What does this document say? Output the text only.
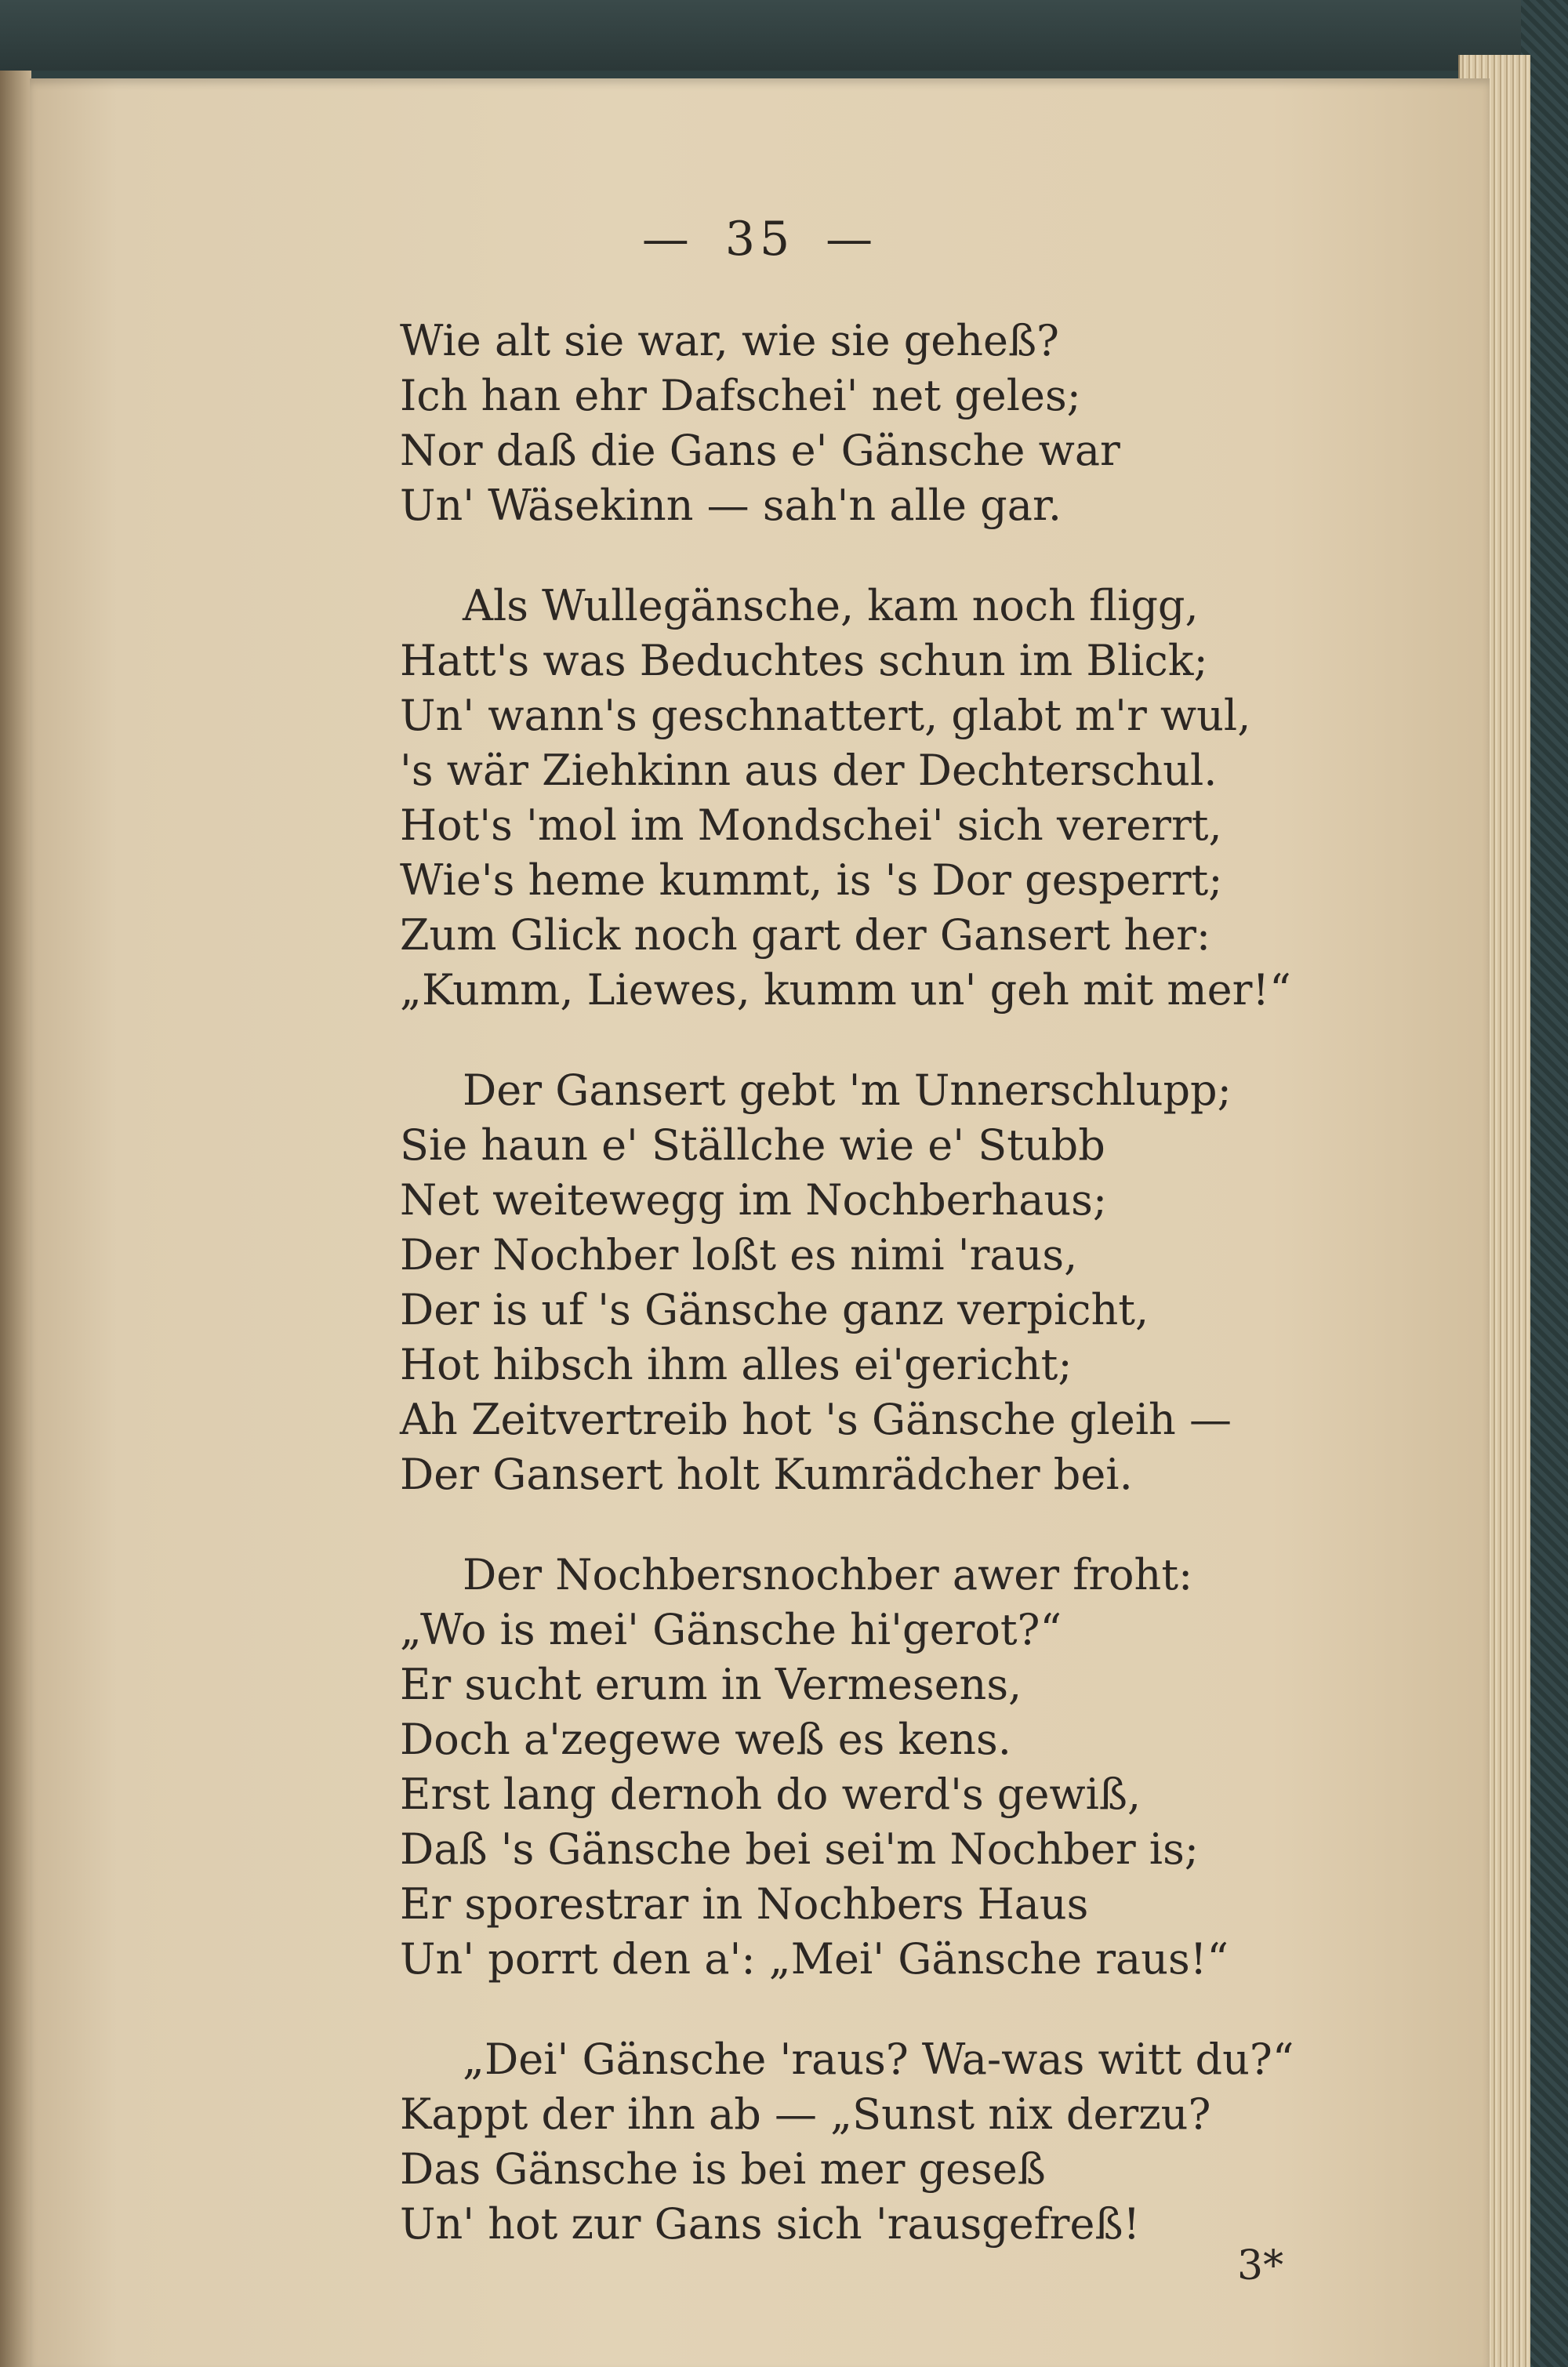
— 35 —
Wie alt sie war, wie sie geheß?
Ich han ehr Dafschei' net geles;
Nor daß die Gans e' Gänsche war
Un' Wäsekinn — sah'n alle gar.
Als Wullegänsche, kam noch fligg,
Hatt's was Beduchtes schun im Blick;
Un' wann's geschnattert, glabt m'r wul,
's wär Ziehkinn aus der Dechterschul.
Hot's 'mol im Mondschei' sich vererrt,
Wie's heme kummt, is 's Dor gesperrt;
Zum Glick noch gart der Gansert her:
„Kumm, Liewes, kumm un' geh mit mer!“
Der Gansert gebt 'm Unnerschlupp;
Sie haun e' Ställche wie e' Stubb
Net weitewegg im Nochberhaus;
Der Nochber loßt es nimi 'raus,
Der is uf 's Gänsche ganz verpicht,
Hot hibsch ihm alles ei'gericht;
Ah Zeitvertreib hot 's Gänsche gleih —
Der Gansert holt Kumrädcher bei.
Der Nochbersnochber awer froht:
„Wo is mei' Gänsche hi'gerot?“
Er sucht erum in Vermesens,
Doch a'zegewe weß es kens.
Erst lang dernoh do werd's gewiß,
Daß 's Gänsche bei sei'm Nochber is;
Er sporestrar in Nochbers Haus
Un' porrt den a': „Mei' Gänsche raus!“
„Dei' Gänsche 'raus? Wa-was witt du?“
Kappt der ihn ab — „Sunst nix derzu?
Das Gänsche is bei mer geseß
Un' hot zur Gans sich 'rausgefreß!
3*
